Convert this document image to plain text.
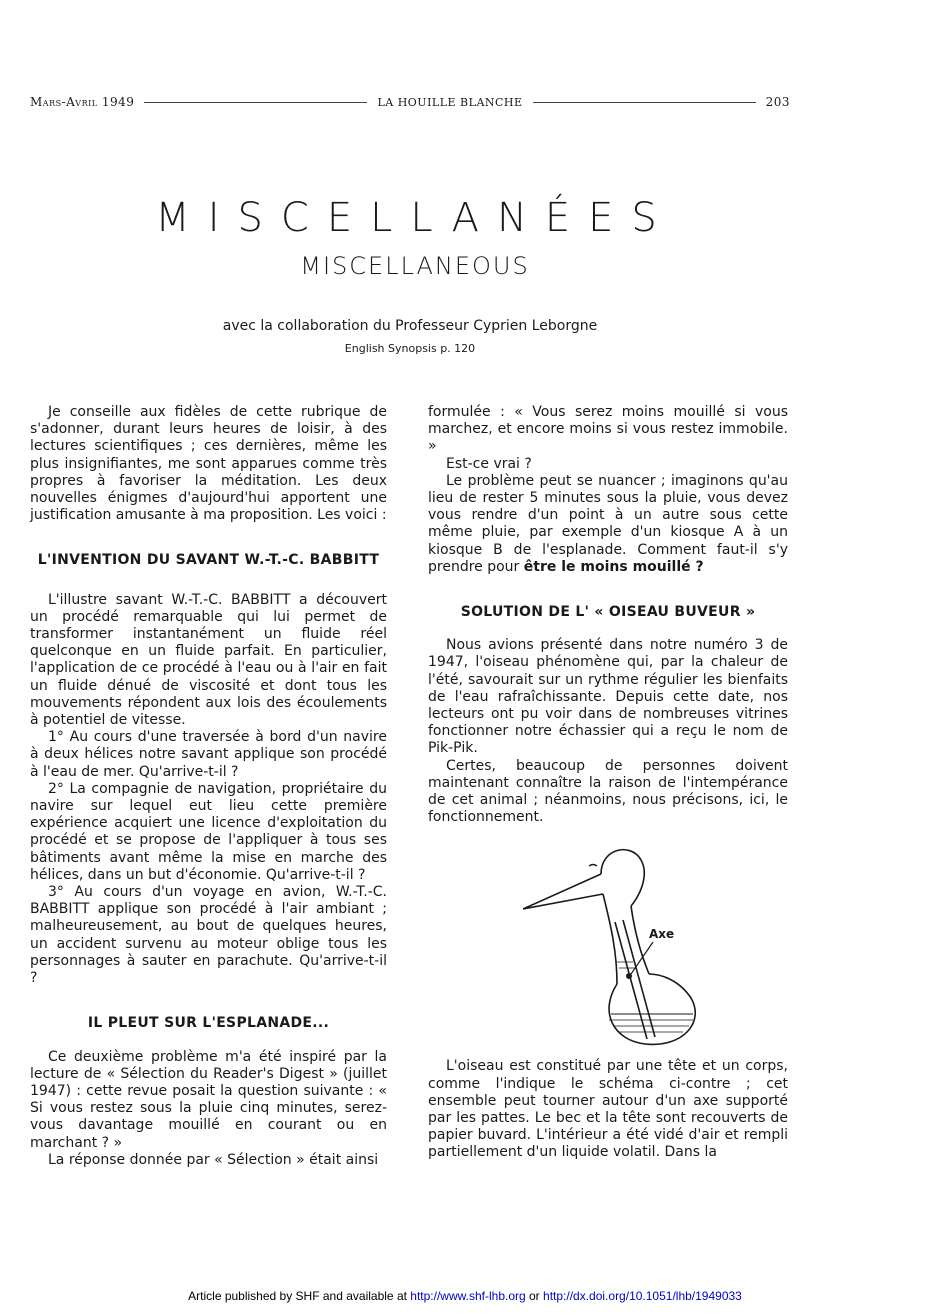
Mars-Avril 1949	LA HOUILLE BLANCHE	203
MISCELLANÉES
MISCELLANEOUS
avec la collaboration du Professeur Cyprien Leborgne
English Synopsis p. 120

Je conseille aux fidèles de cette rubrique de s'adonner, durant leurs heures de loisir, à des lectures scientifiques ; ces dernières, même les plus insignifiantes, me sont apparues comme très propres à favoriser la méditation. Les deux nouvelles énigmes d'aujourd'hui apportent une justification amusante à ma proposition. Les voici :

L'INVENTION DU SAVANT W.-T.-C. BABBITT

L'illustre savant W.-T.-C. BABBITT a découvert un procédé remarquable qui lui permet de transformer instantanément un fluide réel quelconque en un fluide parfait. En particulier, l'application de ce procédé à l'eau ou à l'air en fait un fluide dénué de viscosité et dont tous les mouvements répondent aux lois des écoulements à potentiel de vitesse.

1° Au cours d'une traversée à bord d'un navire à deux hélices notre savant applique son procédé à l'eau de mer. Qu'arrive-t-il ?

2° La compagnie de navigation, propriétaire du navire sur lequel eut lieu cette première expérience acquiert une licence d'exploitation du procédé et se propose de l'appliquer à tous ses bâtiments avant même la mise en marche des hélices, dans un but d'économie. Qu'arrive-t-il ?

3° Au cours d'un voyage en avion, W.-T.-C. BABBITT applique son procédé à l'air ambiant ; malheureusement, au bout de quelques heures, un accident survenu au moteur oblige tous les personnages à sauter en parachute. Qu'arrive-t-il ?

IL PLEUT SUR L'ESPLANADE...

Ce deuxième problème m'a été inspiré par la lecture de « Sélection du Reader's Digest » (juillet 1947) : cette revue posait la question suivante : « Si vous restez sous la pluie cinq minutes, serez-vous davantage mouillé en courant ou en marchant ? »

La réponse donnée par « Sélection » était ainsi

formulée : « Vous serez moins mouillé si vous marchez, et encore moins si vous restez immobile. »

Est-ce vrai ?

Le problème peut se nuancer ; imaginons qu'au lieu de rester 5 minutes sous la pluie, vous devez vous rendre d'un point à un autre sous cette même pluie, par exemple d'un kiosque A à un kiosque B de l'esplanade. Comment faut-il s'y prendre pour être le moins mouillé ?

SOLUTION DE L' « OISEAU BUVEUR »

Nous avions présenté dans notre numéro 3 de 1947, l'oiseau phénomène qui, par la chaleur de l'été, savourait sur un rythme régulier les bienfaits de l'eau rafraîchissante. Depuis cette date, nos lecteurs ont pu voir dans de nombreuses vitrines fonctionner notre échassier qui a reçu le nom de Pik-Pik.

Certes, beaucoup de personnes doivent maintenant connaître la raison de l'intempérance de cet animal ; néanmoins, nous précisons, ici, le fonctionnement.

Axe

L'oiseau est constitué par une tête et un corps, comme l'indique le schéma ci-contre ; cet ensemble peut tourner autour d'un axe supporté par les pattes. Le bec et la tête sont recouverts de papier buvard. L'intérieur a été vidé d'air et rempli partiellement d'un liquide volatil. Dans la

Article published by SHF and available at http://www.shf-lhb.org or http://dx.doi.org/10.1051/lhb/1949033
